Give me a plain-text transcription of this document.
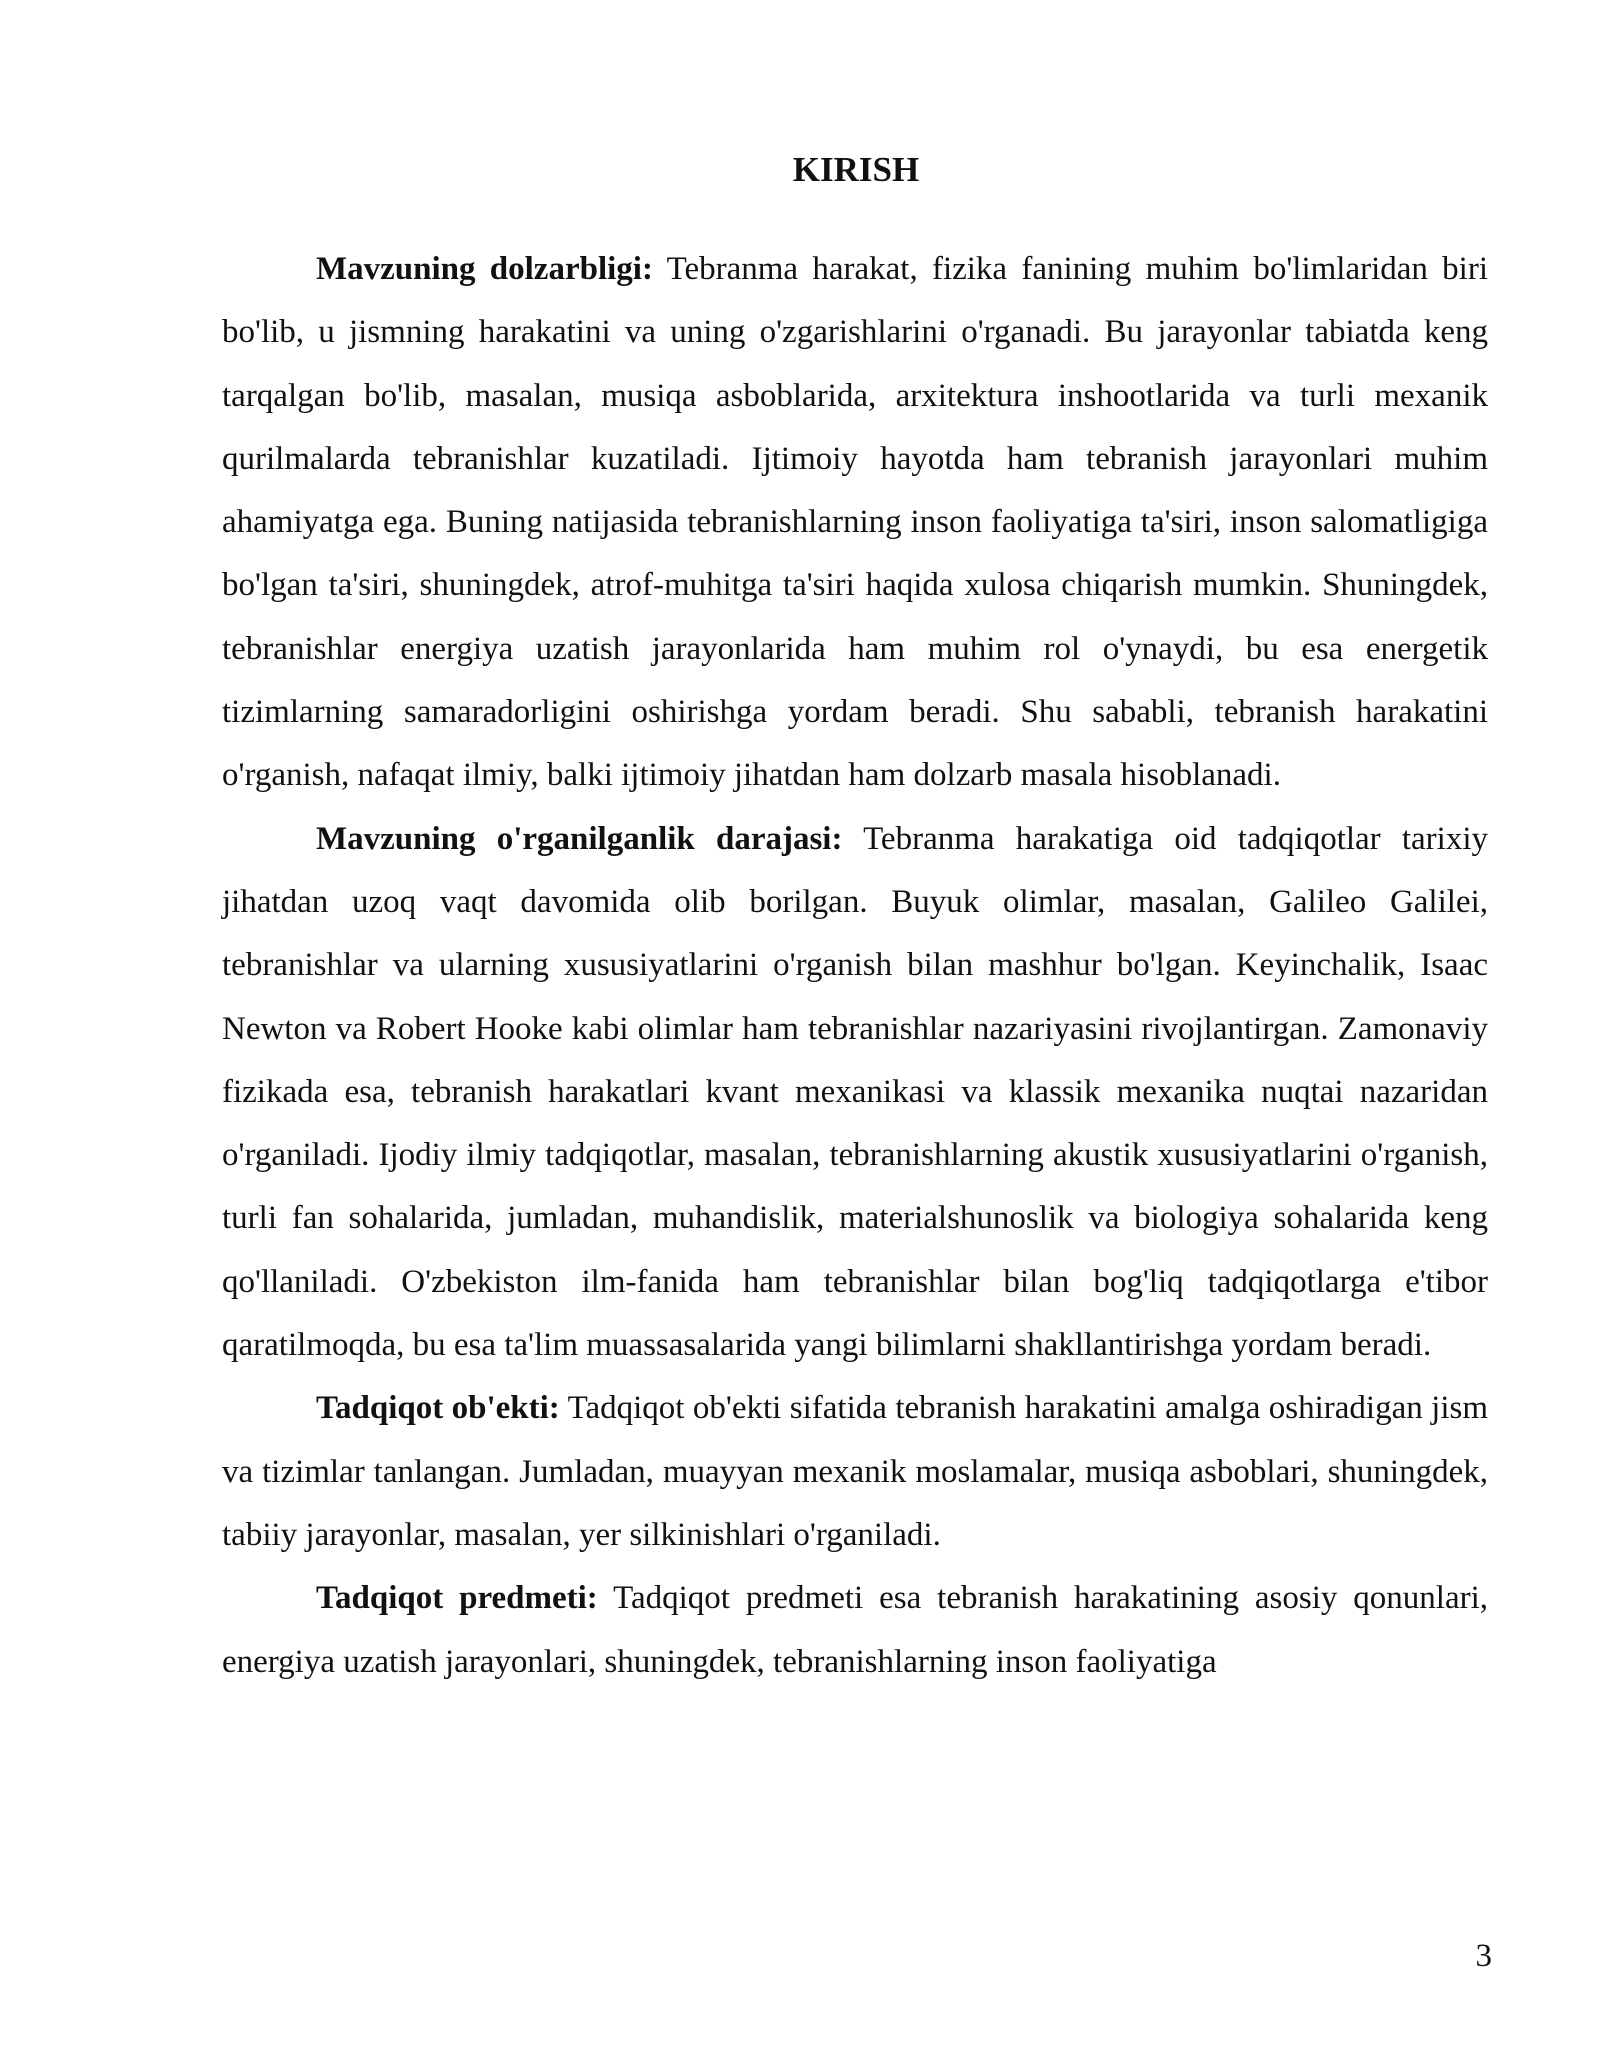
KIRISH

Mavzuning dolzarbligi: Tebranma harakat, fizika fanining muhim bo'limlaridan biri bo'lib, u jismning harakatini va uning o'zgarishlarini o'rganadi. Bu jarayonlar tabiatda keng tarqalgan bo'lib, masalan, musiqa asboblarida, arxitektura inshootlarida va turli mexanik qurilmalarda tebranishlar kuzatiladi. Ijtimoiy hayotda ham tebranish jarayonlari muhim ahamiyatga ega. Buning natijasida tebranishlarning inson faoliyatiga ta'siri, inson salomatligiga bo'lgan ta'siri, shuningdek, atrof-muhitga ta'siri haqida xulosa chiqarish mumkin. Shuningdek, tebranishlar energiya uzatish jarayonlarida ham muhim rol o'ynaydi, bu esa energetik tizimlarning samaradorligini oshirishga yordam beradi. Shu sababli, tebranish harakatini o'rganish, nafaqat ilmiy, balki ijtimoiy jihatdan ham dolzarb masala hisoblanadi.

Mavzuning o'rganilganlik darajasi: Tebranma harakatiga oid tadqiqotlar tarixiy jihatdan uzoq vaqt davomida olib borilgan. Buyuk olimlar, masalan, Galileo Galilei, tebranishlar va ularning xususiyatlarini o'rganish bilan mashhur bo'lgan. Keyinchalik, Isaac Newton va Robert Hooke kabi olimlar ham tebranishlar nazariyasini rivojlantirgan. Zamonaviy fizikada esa, tebranish harakatlari kvant mexanikasi va klassik mexanika nuqtai nazaridan o'rganiladi. Ijodiy ilmiy tadqiqotlar, masalan, tebranishlarning akustik xususiyatlarini o'rganish, turli fan sohalarida, jumladan, muhandislik, materialshunoslik va biologiya sohalarida keng qo'llaniladi. O'zbekiston ilm-fanida ham tebranishlar bilan bog'liq tadqiqotlarga e'tibor qaratilmoqda, bu esa ta'lim muassasalarida yangi bilimlarni shakllantirishga yordam beradi.

Tadqiqot ob'ekti: Tadqiqot ob'ekti sifatida tebranish harakatini amalga oshiradigan jism va tizimlar tanlangan. Jumladan, muayyan mexanik moslamalar, musiqa asboblari, shuningdek, tabiiy jarayonlar, masalan, yer silkinishlari o'rganiladi.

Tadqiqot predmeti: Tadqiqot predmeti esa tebranish harakatining asosiy qonunlari, energiya uzatish jarayonlari, shuningdek, tebranishlarning inson faoliyatiga

3
